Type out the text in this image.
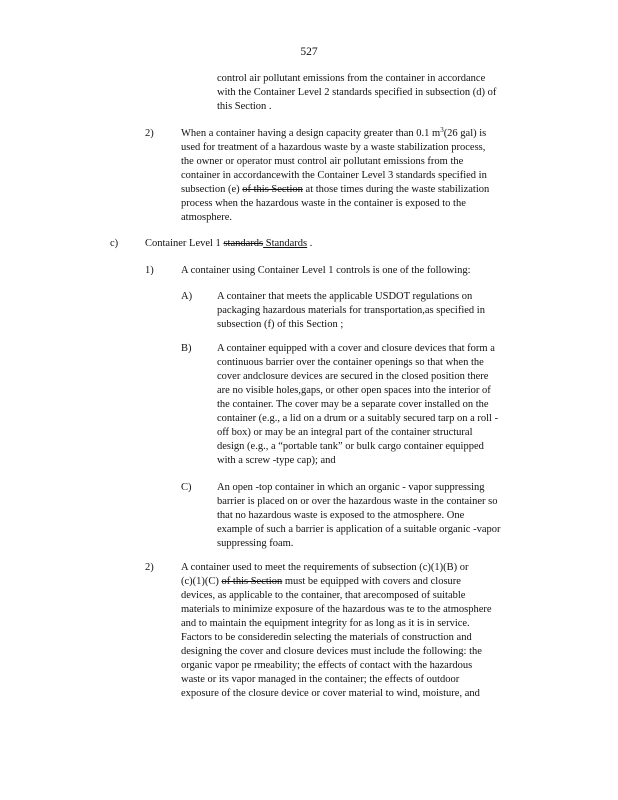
527

control air pollutant emissions from the container in accordance

with the Container Level 2 standards specified in subsection (d) of

this Section .

2)	When a container having a design capacity greater than 0.1 $m^3(26$ gal) is

used for treatment of a hazardous waste by a waste stabilization process,

the owner or operator must control air pollutant emissions from the

container in accordancewith the Container Level 3 standards specified in

subsection (e) of this Section at those times during the waste stabilization

process when the hazardous waste in the container is exposed to the

atmosphere.

c)	Container Level 1 standards Standards .

1)	A container using Container Level 1 controls is one of the following:
A) A container that meets the applicable USDOT regulations on

packaging hazardous materials for transportation,as specified in

subsection (f) of this Section ;

B) A container equipped with a cover and closure devices that form a

continuous barrier over the container openings so that when the

cover andclosure devices are secured in the closed position there

are no visible holes,gaps, or other open spaces into the interior of

the container. The cover may be a separate cover installed on the

container (e.g., a lid on a drum or a suitably secured tarp on a roll -

off box) or may be an integral part of the container structural

design (e.g., a “portable tank” or bulk cargo container equipped

with a screw -type cap); and

C) An open -top container in which an organic - vapor suppressing

barrier is placed on or over the hazardous waste in the container so

that no hazardous waste is exposed to the atmosphere. One

example of such a barrier is application of a suitable organic -vapor

suppressing foam.

2)	A container used to meet the requirements of subsection (c)(1)(B) or

(c)(1)(C) of this Section must be equipped with covers and closure

devices, as applicable to the container, that arecomposed of suitable

materials to minimize exposure of the hazardous was te to the atmosphere

and to maintain the equipment integrity for as long as it is in service.

Factors to be consideredin selecting the materials of construction and

designing the cover and closure devices must include the following: the

organic vapor pe rmeability; the effects of contact with the hazardous

waste or its vapor managed in the container; the effects of outdoor

exposure of the closure device or cover material to wind, moisture, and
